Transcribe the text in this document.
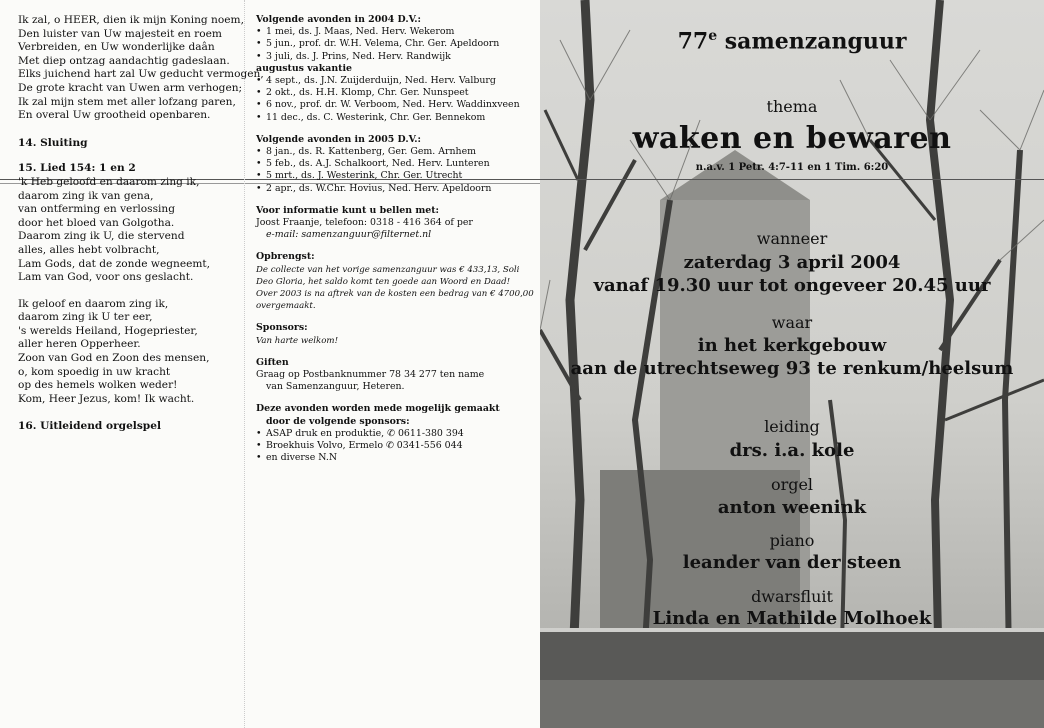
Ik zal, o HEER, dien ik mijn Koning noem,
Den luister van Uw majesteit en roem
Verbreiden, en Uw wonderlijke daân
Met diep ontzag aandachtig gadeslaan.
Elks juichend hart zal Uw geducht vermogen,
De grote kracht van Uwen arm verhogen;
Ik zal mijn stem met aller lofzang paren,
En overal Uw grootheid openbaren.
14. Sluiting
15. Lied 154: 1 en 2
'k Heb geloofd en daarom zing ik,
daarom zing ik van gena,
van ontferming en verlossing
door het bloed van Golgotha.
Daarom zing ik U, die stervend
alles, alles hebt volbracht,
Lam Gods, dat de zonde wegneemt,
Lam van God, voor ons geslacht.
Ik geloof en daarom zing ik,
daarom zing ik U ter eer,
's werelds Heiland, Hogepriester,
aller heren Opperheer.
Zoon van God en Zoon des mensen,
o, kom spoedig in uw kracht
op des hemels wolken weder!
Kom, Heer Jezus, kom! Ik wacht.
16. Uitleidend orgelspel
Volgende avonden in 2004 D.V.:
• 1 mei, ds. J. Maas, Ned. Herv. Wekerom
• 5 jun., prof. dr. W.H. Velema, Chr. Ger. Apeldoorn
• 3 juli, ds. J. Prins, Ned. Herv. Randwijk
augustus vakantie
• 4 sept., ds. J.N. Zuijderduijn, Ned. Herv. Valburg
• 2 okt., ds. H.H. Klomp, Chr. Ger. Nunspeet
• 6 nov., prof. dr. W. Verboom, Ned. Herv. Waddinxveen
• 11 dec., ds. C. Westerink, Chr. Ger. Bennekom
Volgende avonden in 2005 D.V.:
• 8 jan., ds. R. Kattenberg, Ger. Gem. Arnhem
• 5 feb., ds. A.J. Schalkoort, Ned. Herv. Lunteren
• 5 mrt., ds. J. Westerink, Chr. Ger. Utrecht
• 2 apr., ds. W.Chr. Hovius, Ned. Herv. Apeldoorn
Voor informatie kunt u bellen met:
Joost Fraanje, telefoon: 0318 - 416 364 of per
e-mail: samenzanguur@filternet.nl
Opbrengst:
De collecte van het vorige samenzanguur was € 433,13, Soli
Deo Gloria, het saldo komt ten goede aan Woord en Daad!
Over 2003 is na aftrek van de kosten een bedrag van € 4700,00
overgemaakt.
Sponsors:
Van harte welkom!
Giften
Graag op Postbanknummer 78 34 277 ten name
van Samenzanguur, Heteren.
Deze avonden worden mede mogelijk gemaakt
door de volgende sponsors:
• ASAP druk en produktie, ✆ 0611-380 394
• Broekhuis Volvo, Ermelo ✆ 0341-556 044
• en diverse N.N
77e samenzanguur
thema
waken en bewaren
n.a.v. 1 Petr. 4:7-11 en 1 Tim. 6:20
wanneer
zaterdag 3 april 2004
vanaf 19.30 uur tot ongeveer 20.45 uur
waar
in het kerkgebouw
aan de utrechtseweg 93 te renkum/heelsum
leiding
drs. i.a. kole
orgel
anton weenink
piano
leander van der steen
dwarsfluit
Linda en Mathilde Molhoek
